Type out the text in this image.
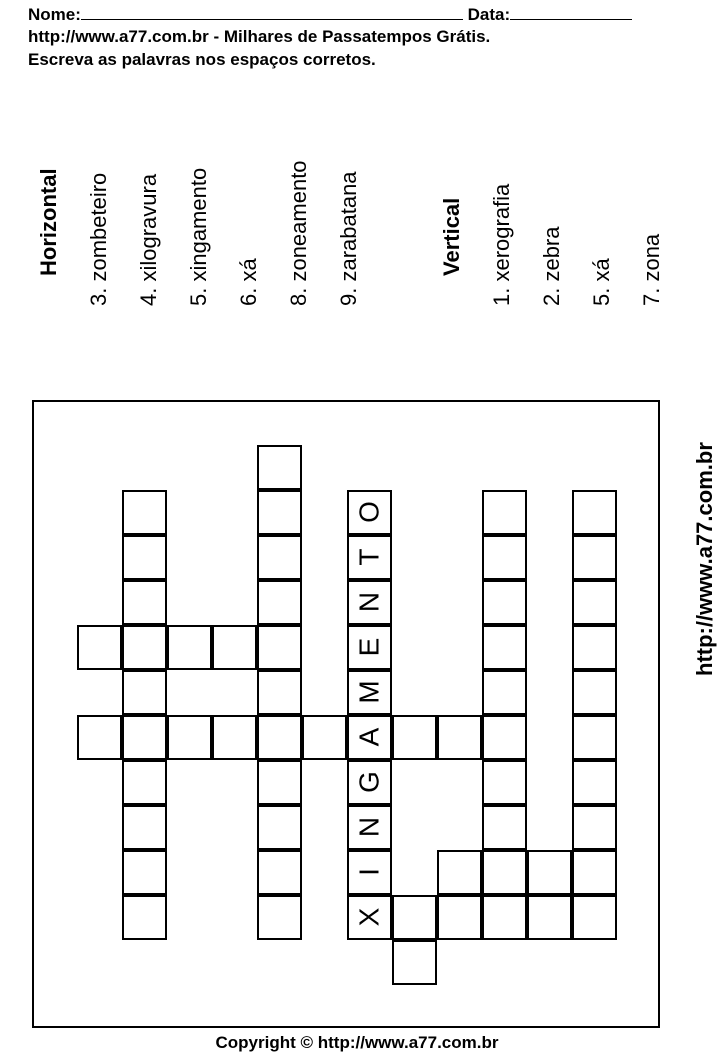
Nome:	Data:
http://www.a77.com.br - Milhares de Passatempos Grátis.
Escreva as palavras nos espaços corretos.
Horizontal 3. zombeteiro 4. xilogravura 5. xingamento 6. xá 8. zoneamento 9. zarabatana	Vertical 1. xerografia 2. zebra 5. xá 7. zona
http://www.a77.com.br
X
I
N
G
A
M
E
N
T
O
Copyright © http://www.a77.com.br
